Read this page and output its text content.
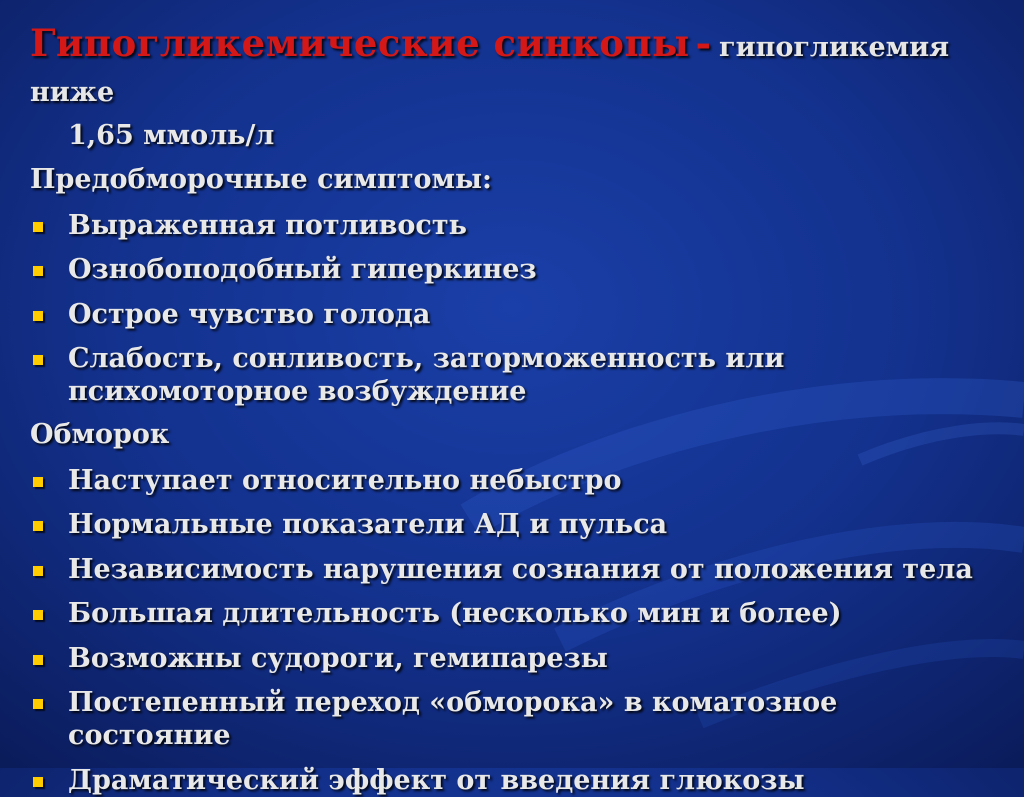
Гипогликемические синкопы - гипогликемия ниже
1,65 ммоль/л
Предобморочные симптомы:
Выраженная потливость
Ознобоподобный гиперкинез
Острое чувство голода
Слабость, сонливость, заторможенность или психомоторное возбуждение
Обморок
Наступает относительно небыстро
Нормальные показатели АД и пульса
Независимость нарушения сознания от положения тела
Большая длительность (несколько мин и более)
Возможны судороги, гемипарезы
Постепенный переход «обморока» в коматозное состояние
Драматический эффект от введения глюкозы
